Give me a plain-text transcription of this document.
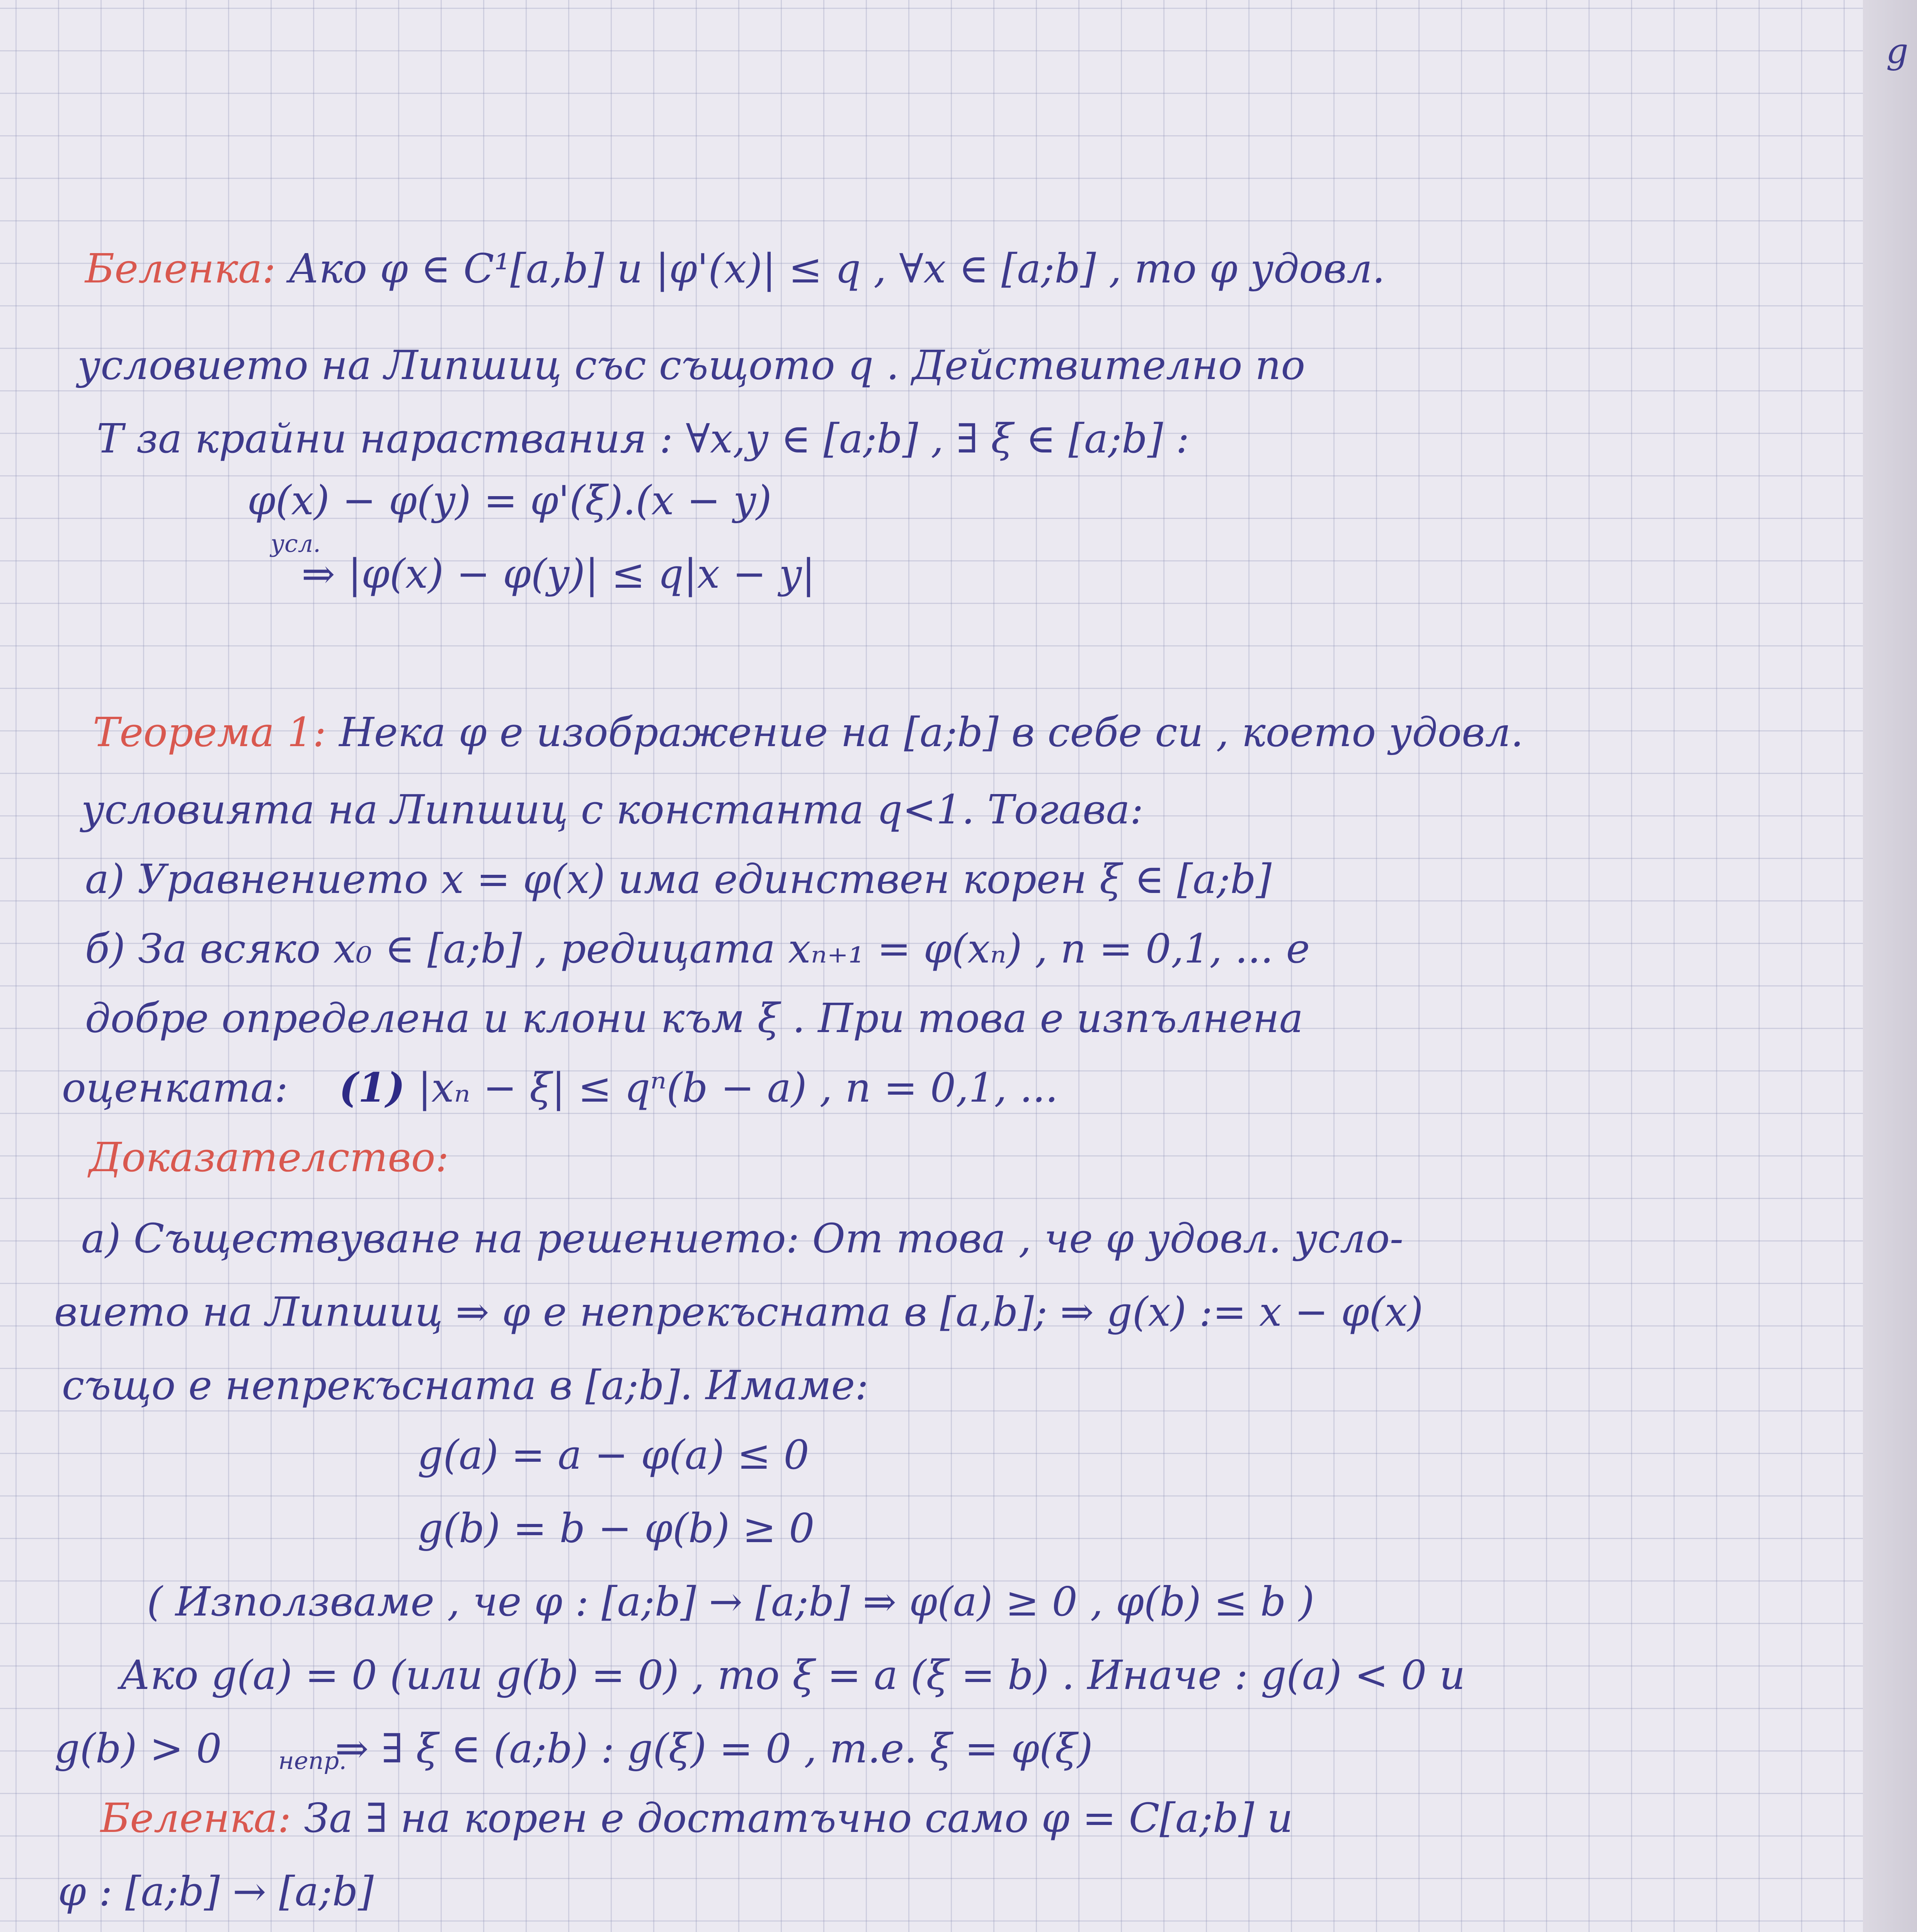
g
Беленка: Ако φ ∈ C¹[a,b] и |φ'(x)| ≤ q , ∀x ∈ [a;b] , то φ удовл.
условието на Липшиц със същото q . Действително по
Т за крайни нараствания : ∀x,y ∈ [a;b] , ∃ ξ ∈ [a;b] :
φ(x) − φ(y) = φ'(ξ).(x − y)
усл.
⇒ |φ(x) − φ(y)| ≤ q|x − y|
Теорема 1: Нека φ е изображение на [a;b] в себе си , което удовл.
условията на Липшиц с константа q<1. Тогава:
а) Уравнението x = φ(x) има единствен корен ξ ∈ [a;b]
б) За всяко x₀ ∈ [a;b] , редицата xₙ₊₁ = φ(xₙ) , n = 0,1, ... е
добре определена и клони към ξ . При това е изпълнена
оценката: (1) |xₙ − ξ| ≤ qⁿ(b − a) , n = 0,1, ...
Доказателство:
а) Съществуване на решението: От това , че φ удовл. усло-
вието на Липшиц ⇒ φ е непрекъсната в [a,b]; ⇒ g(x) := x − φ(x)
също е непрекъсната в [a;b]. Имаме:
g(a) = a − φ(a) ≤ 0
g(b) = b − φ(b) ≥ 0
( Използваме , че φ : [a;b] → [a;b] ⇒ φ(a) ≥ 0 , φ(b) ≤ b )
Ако g(a) = 0 (или g(b) = 0) , то ξ = a (ξ = b) . Иначе : g(a) < 0 и
g(b) > 0	⇒ ∃ ξ ∈ (a;b) : g(ξ) = 0 , т.е. ξ = φ(ξ)
непр.
Беленка: За ∃ на корен е достатъчно само φ = C[a;b] и
φ : [a;b] → [a;b]
